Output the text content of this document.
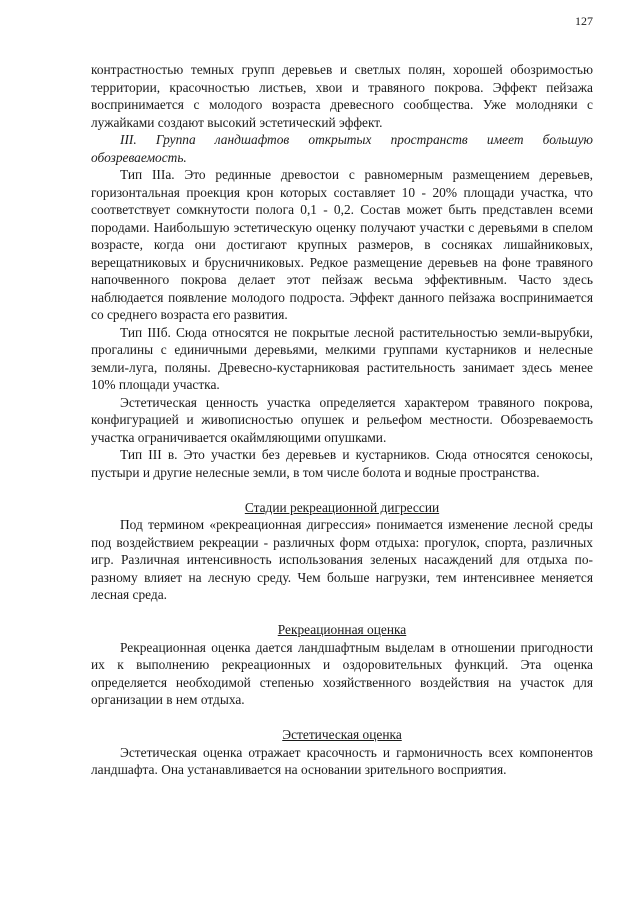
127

контрастностью темных групп деревьев и светлых полян, хорошей обозримостью территории, красочностью листьев, хвои и травяного покрова. Эффект пейзажа воспринимается с молодого возраста древесного сообщества. Уже молодняки с лужайками создают высокий эстетический эффект.

III. Группа ландшафтов открытых пространств имеет большую обозреваемость.

Тип IIIa. Это рединные древостои с равномерным размещением деревьев, горизонтальная проекция крон которых составляет 10 - 20% площади участка, что соответствует сомкнутости полога 0,1 - 0,2. Состав может быть представлен всеми породами. Наибольшую эстетическую оценку получают участки с деревьями в спелом возрасте, когда они достигают крупных размеров, в сосняках лишайниковых, верещатниковых и брусничниковых. Редкое размещение деревьев на фоне травяного напочвенного покрова делает этот пейзаж весьма эффективным. Часто здесь наблюдается появление молодого подроста. Эффект данного пейзажа воспринимается со среднего возраста его развития.

Тип IIIб. Сюда относятся не покрытые лесной растительностью земли-вырубки, прогалины с единичными деревьями, мелкими группами кустарников и нелесные земли-луга, поляны. Древесно-кустарниковая растительность занимает здесь менее 10% площади участка.

Эстетическая ценность участка определяется характером травяного покрова, конфигурацией и живописностью опушек и рельефом местности. Обозреваемость участка ограничивается окаймляющими опушками.

Тип III в. Это участки без деревьев и кустарников. Сюда относятся сенокосы, пустыри и другие нелесные земли, в том числе болота и водные пространства.

Стадии рекреационной дигрессии

Под термином «рекреационная дигрессия» понимается изменение лесной среды под воздействием рекреации - различных форм отдыха: прогулок, спорта, различных игр. Различная интенсивность использования зеленых насаждений для отдыха по-разному влияет на лесную среду. Чем больше нагрузки, тем интенсивнее меняется лесная среда.

Рекреационная оценка

Рекреационная оценка дается ландшафтным выделам в отношении пригодности их к выполнению рекреационных и оздоровительных функций. Эта оценка определяется необходимой степенью хозяйственного воздействия на участок для организации в нем отдыха.

Эстетическая оценка

Эстетическая оценка отражает красочность и гармоничность всех компонентов ландшафта. Она устанавливается на основании зрительного восприятия.
